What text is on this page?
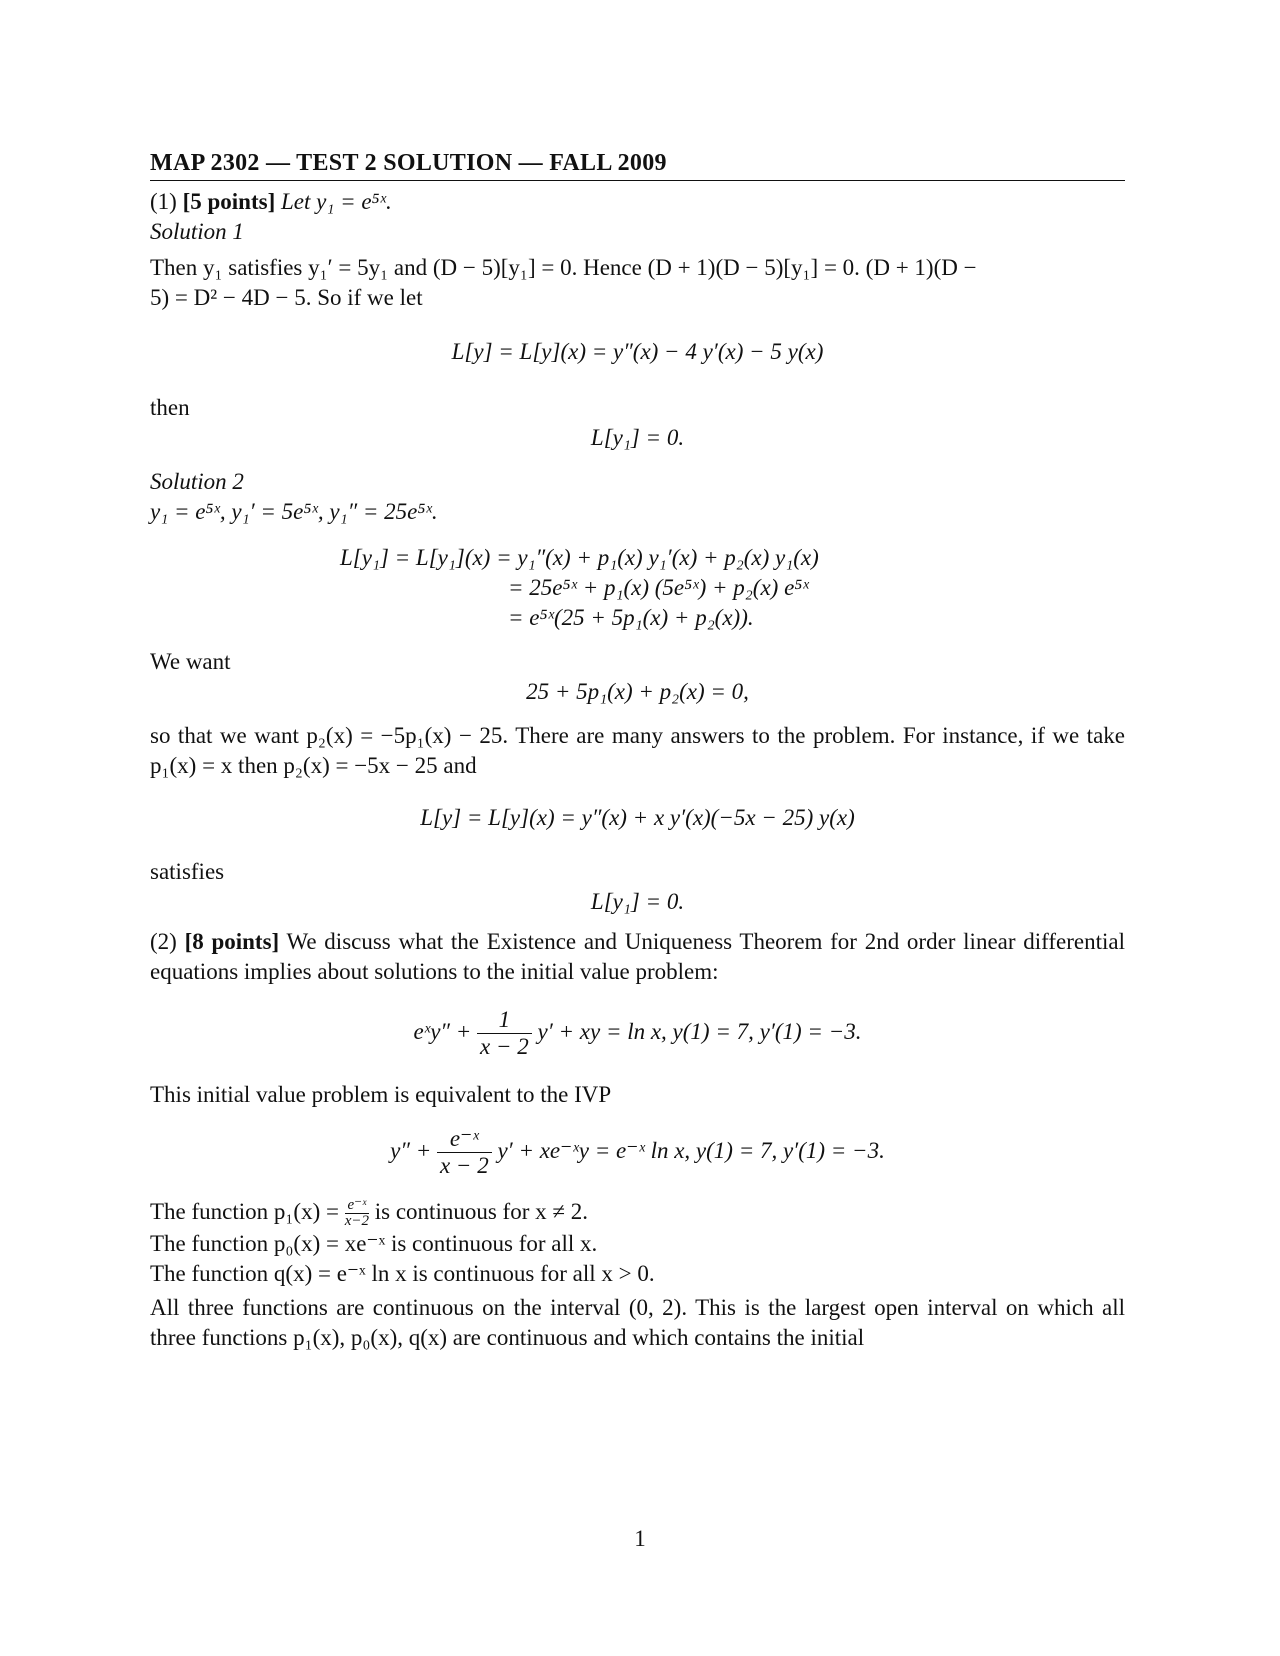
MAP 2302 — TEST 2 SOLUTION — FALL 2009
(1) [5 points] Let y₁ = e⁵ˣ.
Solution 1
Then y₁ satisfies y₁′ = 5y₁ and (D − 5)[y₁] = 0. Hence (D + 1)(D − 5)[y₁] = 0. (D + 1)(D −
5) = D² − 4D − 5. So if we let
L[y] = L[y](x) = y″(x) − 4 y′(x) − 5 y(x)
then
L[y₁] = 0.
Solution 2
y₁ = e⁵ˣ, y₁′ = 5e⁵ˣ, y₁″ = 25e⁵ˣ.
L[y₁] = L[y₁](x) = y₁″(x) + p₁(x) y₁′(x) + p₂(x) y₁(x)
= 25e⁵ˣ + p₁(x) (5e⁵ˣ) + p₂(x) e⁵ˣ
= e⁵ˣ(25 + 5p₁(x) + p₂(x)).
We want
25 + 5p₁(x) + p₂(x) = 0,
so that we want p₂(x) = −5p₁(x) − 25. There are many answers to the problem. For instance, if we take p₁(x) = x then p₂(x) = −5x − 25 and
L[y] = L[y](x) = y″(x) + x y′(x)(−5x − 25) y(x)
satisfies
L[y₁] = 0.
(2) [8 points] We discuss what the Existence and Uniqueness Theorem for 2nd order linear differential equations implies about solutions to the initial value problem:
eˣy″ + $\frac{1}{x - 2} y'$ + xy = ln x, y(1) = 7, y′(1) = −3.
This initial value problem is equivalent to the IVP
$y'' + \frac{\text{e⁻ˣ}}{x - 2} y'$ + xe⁻ˣy = e⁻ˣ ln x, y(1) = 7, y′(1) = −3.
The function $p_1(x) = \frac{\text{e⁻ˣ}}{x-2}$ is continuous for x ≠ 2.
The function p₀(x) = xe⁻ˣ is continuous for all x.
The function q(x) = e⁻ˣ ln x is continuous for all x > 0.
All three functions are continuous on the interval (0, 2). This is the largest open interval on which all three functions p₁(x), p₀(x), q(x) are continuous and which contains the initial
1
